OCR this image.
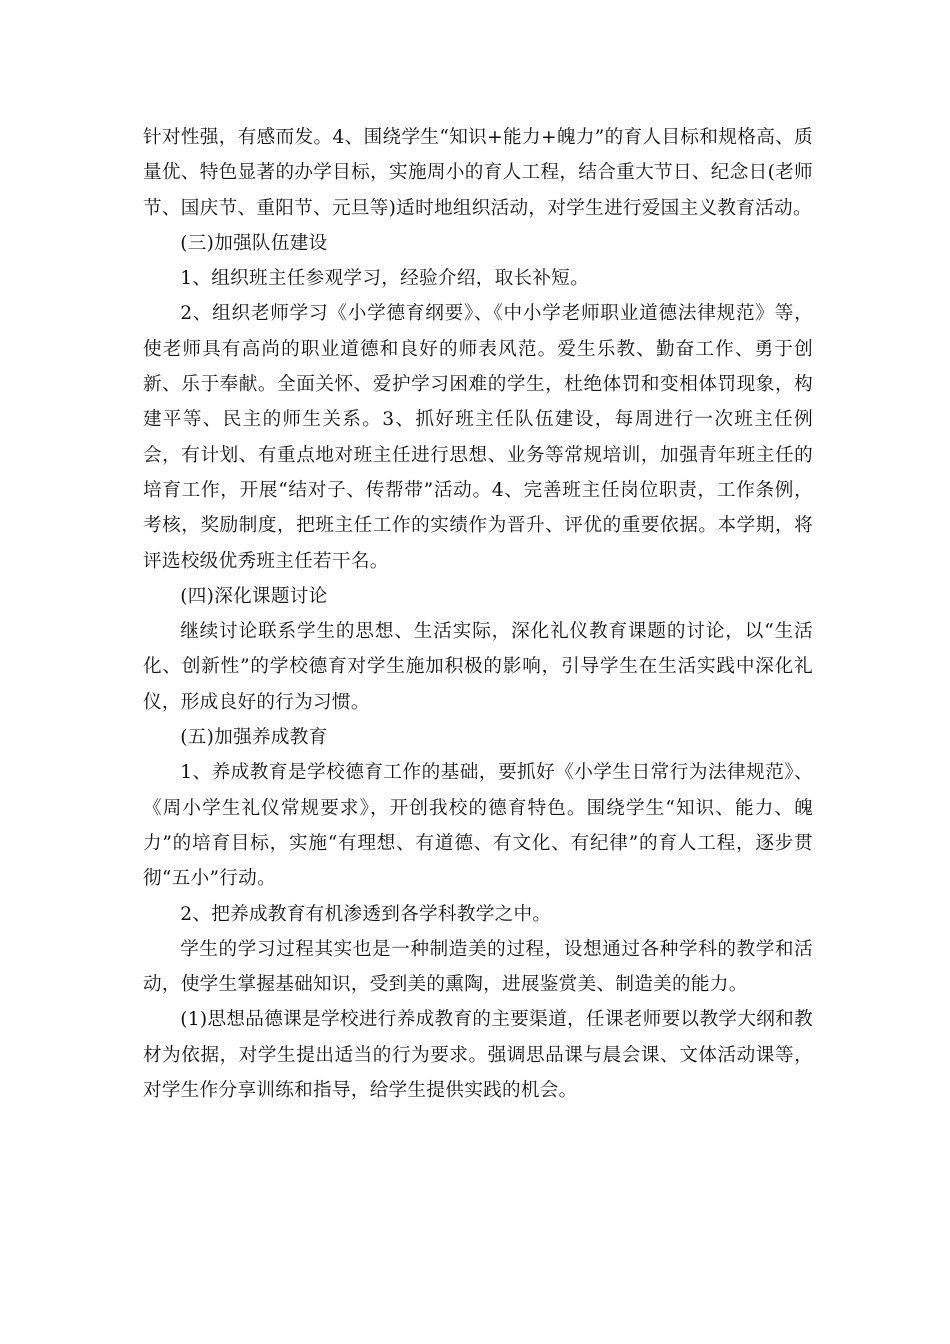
针对性强，有感而发。4、围绕学生“知识+能力+魄力”的育人目标和规格高、质量优、特色显著的办学目标，实施周小的育人工程，结合重大节日、纪念日(老师节、国庆节、重阳节、元旦等)适时地组织活动，对学生进行爱国主义教育活动。

(三)加强队伍建设

1、组织班主任参观学习，经验介绍，取长补短。

2、组织老师学习《小学德育纲要》、《中小学老师职业道德法律规范》等，使老师具有高尚的职业道德和良好的师表风范。爱生乐教、勤奋工作、勇于创新、乐于奉献。全面关怀、爱护学习困难的学生，杜绝体罚和变相体罚现象，构建平等、民主的师生关系。3、抓好班主任队伍建设，每周进行一次班主任例会，有计划、有重点地对班主任进行思想、业务等常规培训，加强青年班主任的培育工作，开展“结对子、传帮带”活动。4、完善班主任岗位职责，工作条例，考核，奖励制度，把班主任工作的实绩作为晋升、评优的重要依据。本学期，将评选校级优秀班主任若干名。

(四)深化课题讨论

继续讨论联系学生的思想、生活实际，深化礼仪教育课题的讨论，以“生活化、创新性”的学校德育对学生施加积极的影响，引导学生在生活实践中深化礼仪，形成良好的行为习惯。

(五)加强养成教育

1、养成教育是学校德育工作的基础，要抓好《小学生日常行为法律规范》、《周小学生礼仪常规要求》，开创我校的德育特色。围绕学生“知识、能力、魄力”的培育目标，实施“有理想、有道德、有文化、有纪律”的育人工程，逐步贯彻“五小”行动。

2、把养成教育有机渗透到各学科教学之中。

学生的学习过程其实也是一种制造美的过程，设想通过各种学科的教学和活动，使学生掌握基础知识，受到美的熏陶，进展鉴赏美、制造美的能力。

(1)思想品德课是学校进行养成教育的主要渠道，任课老师要以教学大纲和教材为依据，对学生提出适当的行为要求。强调思品课与晨会课、文体活动课等，对学生作分享训练和指导，给学生提供实践的机会。
